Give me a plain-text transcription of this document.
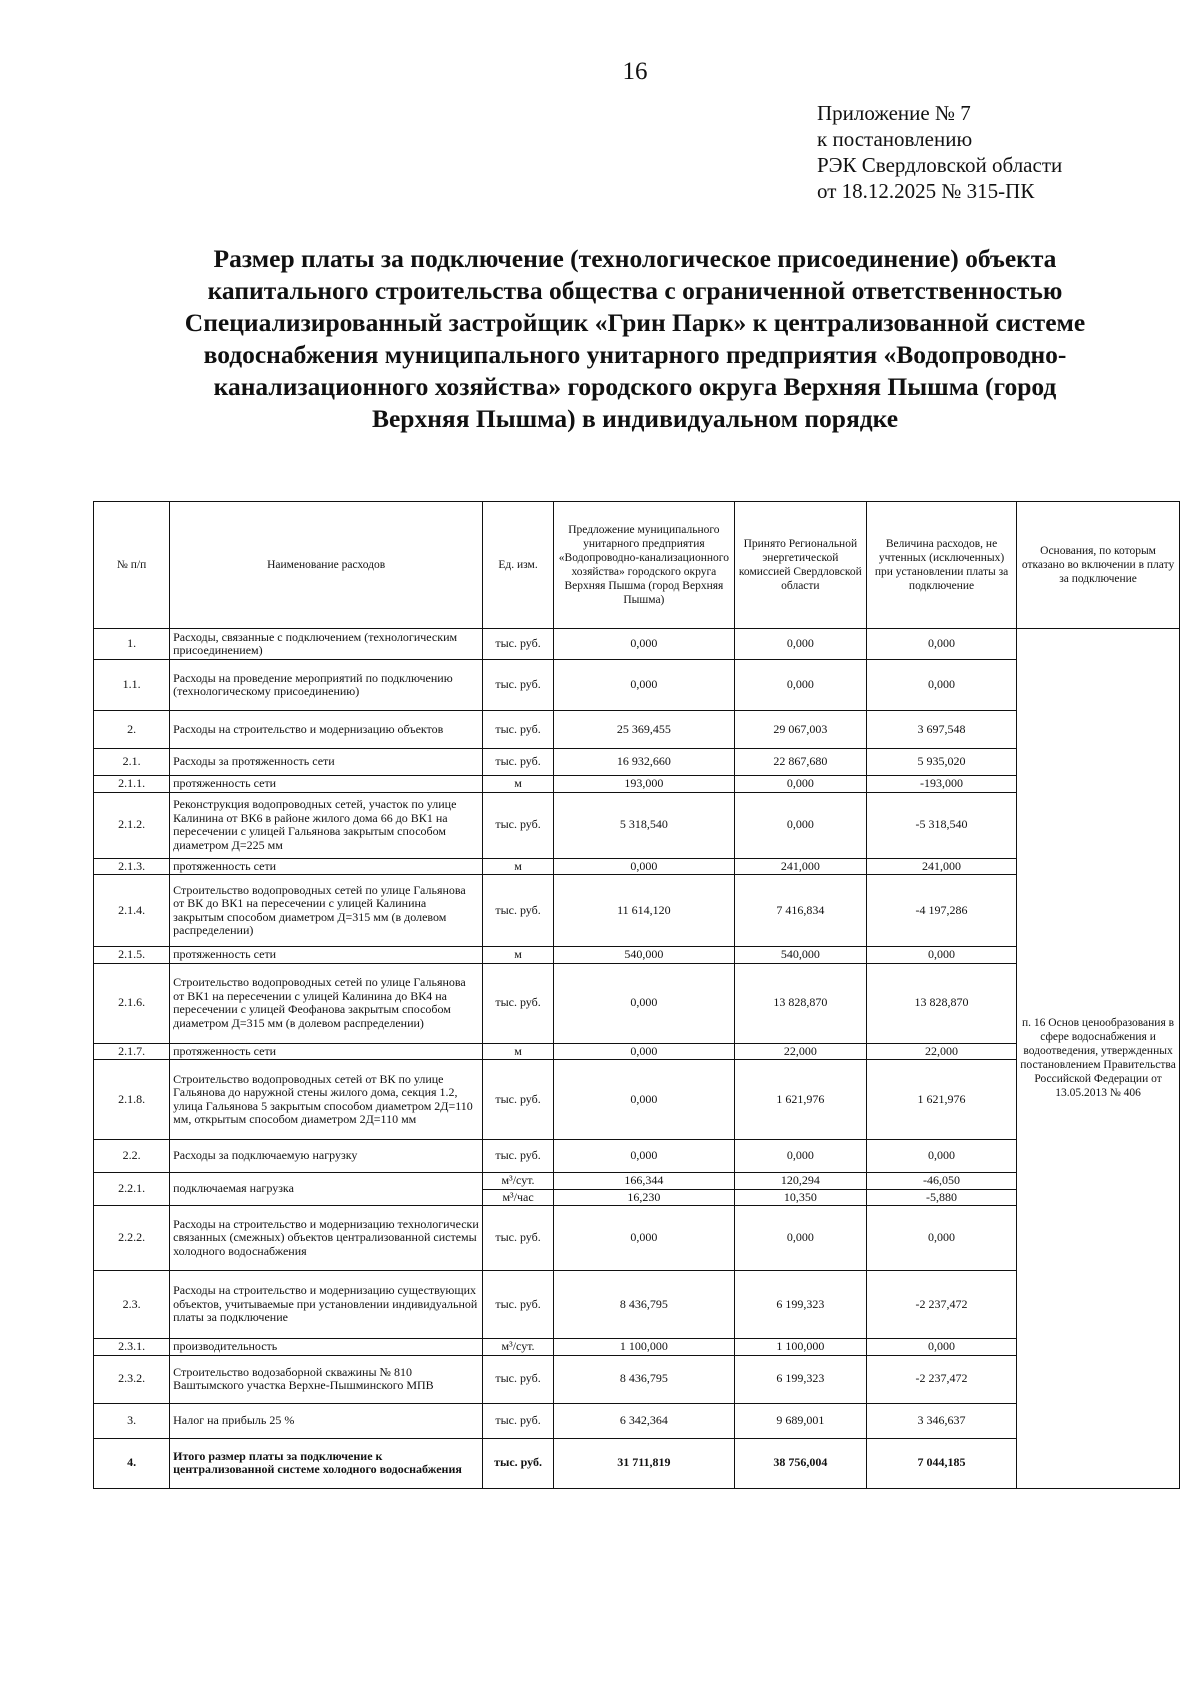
16
Приложение № 7
к постановлению
РЭК Свердловской области
от 18.12.2025 № 315-ПК
Размер платы за подключение (технологическое присоединение) объекта
капитального строительства общества с ограниченной ответственностью
Специализированный застройщик «Грин Парк» к централизованной системе
водоснабжения муниципального унитарного предприятия «Водопроводно-
канализационного хозяйства» городского округа Верхняя Пышма (город
Верхняя Пышма) в индивидуальном порядке
№ п/п	Наименование расходов	Ед. изм.	Предложение муниципального унитарного предприятия «Водопроводно-канализационного хозяйства» городского округа Верхняя Пышма (город Верхняя Пышма)	Принято Региональной энергетической комиссией Свердловской области	Величина расходов, не учтенных (исключенных) при установлении платы за подключение	Основания, по которым отказано во включении в плату за подключение
1.	Расходы, связанные с подключением (технологическим присоединением)	тыс. руб.	0,000	0,000	0,000	п. 16 Основ ценообразования в сфере водоснабжения и водоотведения, утвержденных постановлением Правительства Российской Федерации от 13.05.2013 № 406
1.1.	Расходы на проведение мероприятий по подключению (технологическому присоединению)	тыс. руб.	0,000	0,000	0,000	
2.	Расходы на строительство и модернизацию объектов	тыс. руб.	25 369,455	29 067,003	3 697,548	
2.1.	Расходы за протяженность сети	тыс. руб.	16 932,660	22 867,680	5 935,020	
2.1.1.	протяженность сети	м	193,000	0,000	-193,000	
2.1.2.	Реконструкция водопроводных сетей, участок по улице Калинина от ВК6 в районе жилого дома 66 до ВК1 на пересечении с улицей Гальянова закрытым способом диаметром Д=225 мм	тыс. руб.	5 318,540	0,000	-5 318,540	
2.1.3.	протяженность сети	м	0,000	241,000	241,000	
2.1.4.	Строительство водопроводных сетей по улице Гальянова от ВК до ВК1 на пересечении с улицей Калинина закрытым способом диаметром Д=315 мм (в долевом распределении)	тыс. руб.	11 614,120	7 416,834	-4 197,286	
2.1.5.	протяженность сети	м	540,000	540,000	0,000	
2.1.6.	Строительство водопроводных сетей по улице Гальянова от ВК1 на пересечении с улицей Калинина до ВК4 на пересечении с улицей Феофанова закрытым способом диаметром Д=315 мм (в долевом распределении)	тыс. руб.	0,000	13 828,870	13 828,870	
2.1.7.	протяженность сети	м	0,000	22,000	22,000	
2.1.8.	Строительство водопроводных сетей от ВК по улице Гальянова до наружной стены жилого дома, секция 1.2, улица Гальянова 5 закрытым способом диаметром 2Д=110 мм, открытым способом диаметром 2Д=110 мм	тыс. руб.	0,000	1 621,976	1 621,976	
2.2.	Расходы за подключаемую нагрузку	тыс. руб.	0,000	0,000	0,000	
2.2.1.	подключаемая нагрузка	м³/сут.	166,344	120,294	-46,050	
		м³/час	16,230	10,350	-5,880	
2.2.2.	Расходы на строительство и модернизацию технологически связанных (смежных) объектов централизованной системы холодного водоснабжения	тыс. руб.	0,000	0,000	0,000	
2.3.	Расходы на строительство и модернизацию существующих объектов, учитываемые при установлении индивидуальной платы за подключение	тыс. руб.	8 436,795	6 199,323	-2 237,472	
2.3.1.	производительность	м³/сут.	1 100,000	1 100,000	0,000	
2.3.2.	Строительство водозаборной скважины № 810 Ваштымского участка Верхне-Пышминского МПВ	тыс. руб.	8 436,795	6 199,323	-2 237,472	
3.	Налог на прибыль 25 %	тыс. руб.	6 342,364	9 689,001	3 346,637	
4.	Итого размер платы за подключение к централизованной системе холодного водоснабжения	тыс. руб.	31 711,819	38 756,004	7 044,185	
